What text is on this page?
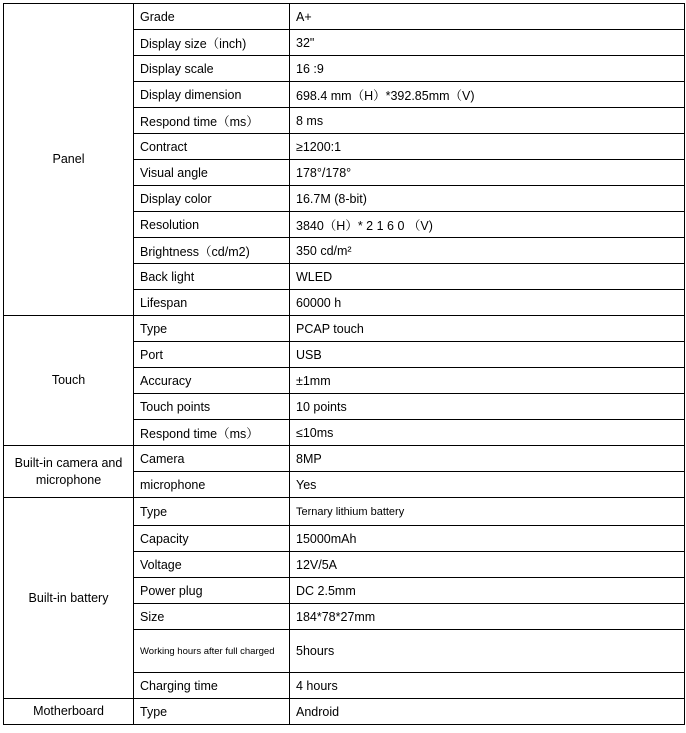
Panel	Grade	A+
	Display size（inch)	32"
	Display scale	16 :9
	Display dimension	698.4 mm（H）*392.85mm（V)
	Respond time（ms）	8 ms
	Contract	≥1200:1
	Visual angle	178°/178°
	Display color	16.7M (8-bit)
	Resolution	3840（H）* 2 1 6 0 （V)
	Brightness（cd/m2)	350 cd/m²
	Back light	WLED
	Lifespan	60000 h
Touch	Type	PCAP touch
	Port	USB
	Accuracy	±1mm
	Touch points	10 points
	Respond time（ms）	≤10ms
Built-in camera and microphone	Camera	8MP
	microphone	Yes
Built-in battery	Type	Ternary lithium battery
	Capacity	15000mAh
	Voltage	12V/5A
	Power plug	DC 2.5mm
	Size	184*78*27mm
	Working hours after full charged	5hours
	Charging time	4 hours
Motherboard	Type	Android
